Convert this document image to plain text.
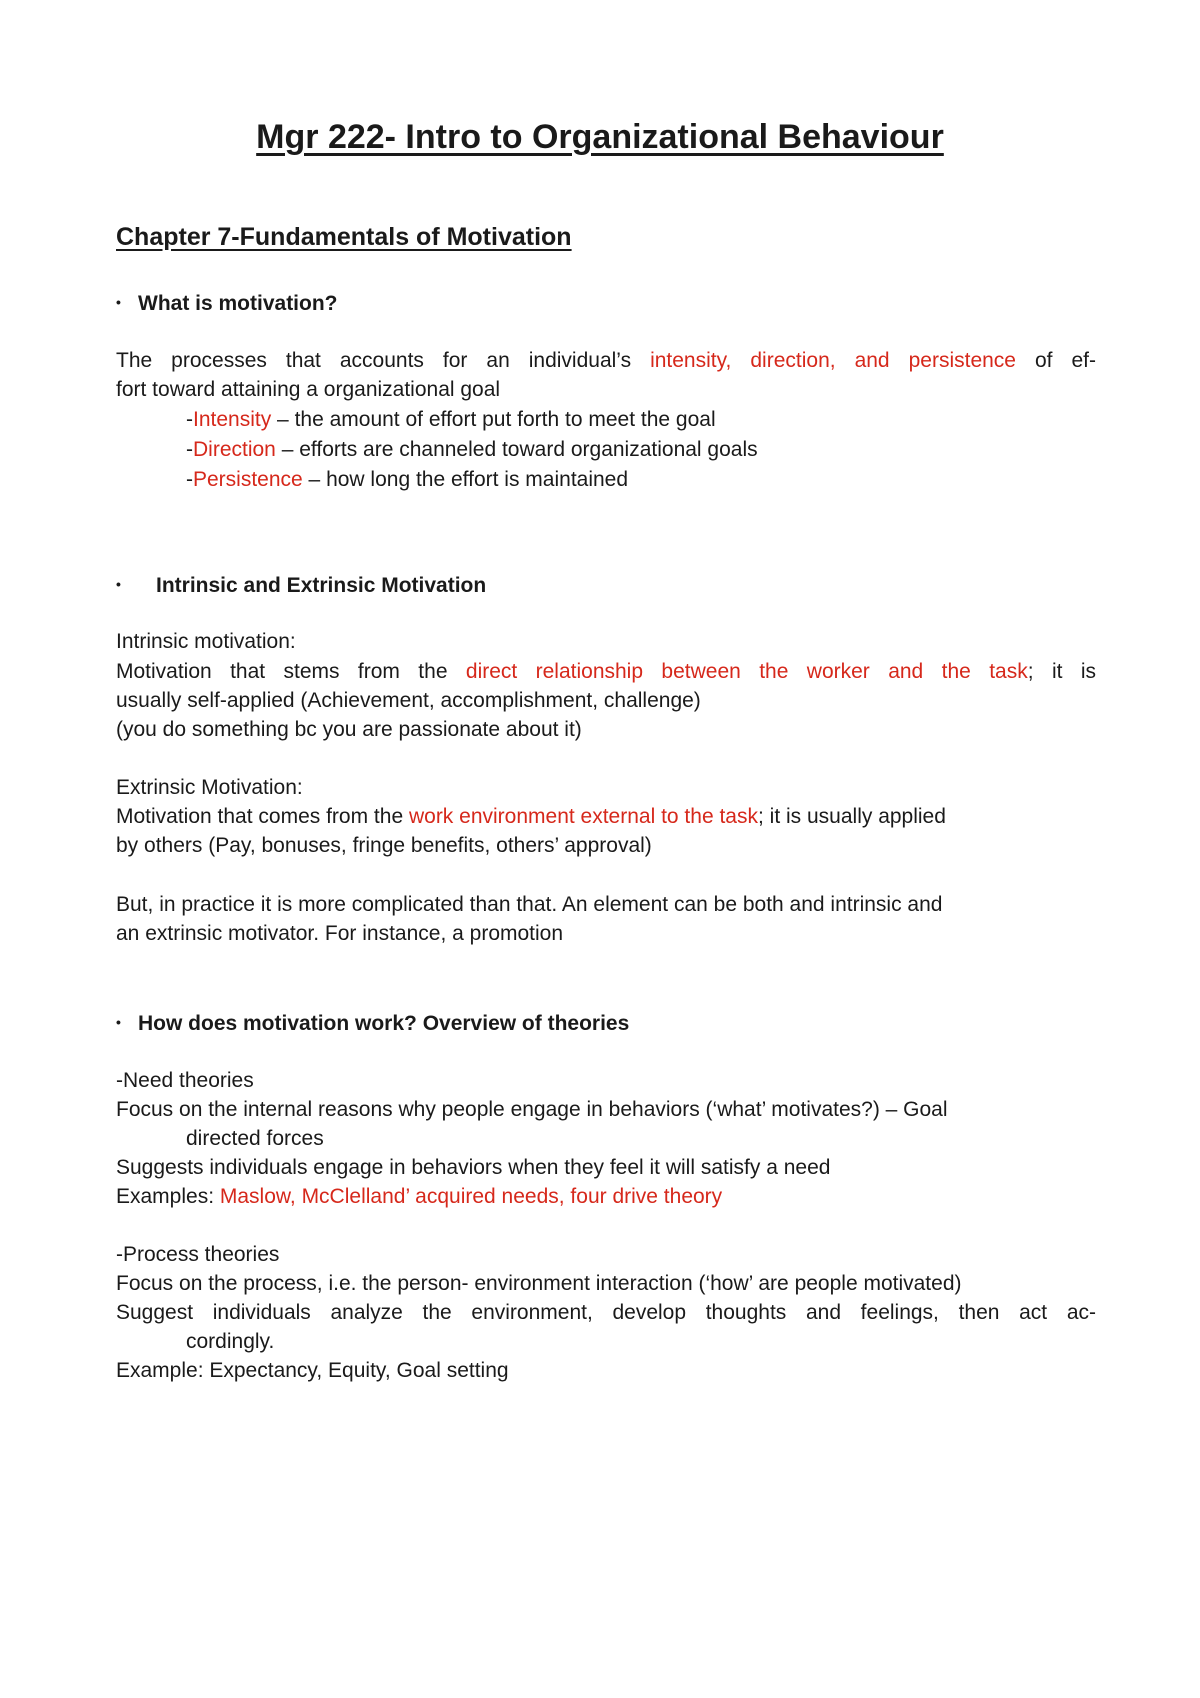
Mgr 222- Intro to Organizational Behaviour
Chapter 7-Fundamentals of Motivation
• What is motivation?
The processes that accounts for an individual’s intensity, direction, and persistence of ef-
fort toward attaining a organizational goal
-Intensity – the amount of effort put forth to meet the goal
-Direction – efforts are channeled toward organizational goals
-Persistence – how long the effort is maintained
• Intrinsic and Extrinsic Motivation
Intrinsic motivation:
Motivation that stems from the direct relationship between the worker and the task; it is
usually self-applied (Achievement, accomplishment, challenge)
(you do something bc you are passionate about it)
Extrinsic Motivation:
Motivation that comes from the work environment external to the task; it is usually applied
by others (Pay, bonuses, fringe benefits, others’ approval)
But, in practice it is more complicated than that. An element can be both and intrinsic and
an extrinsic motivator. For instance, a promotion
• How does motivation work? Overview of theories
-Need theories
Focus on the internal reasons why people engage in behaviors (‘what’ motivates?) – Goal
directed forces
Suggests individuals engage in behaviors when they feel it will satisfy a need
Examples: Maslow, McClelland’ acquired needs, four drive theory
-Process theories
Focus on the process, i.e. the person- environment interaction (‘how’ are people motivated)
Suggest individuals analyze the environment, develop thoughts and feelings, then act ac-
cordingly.
Example: Expectancy, Equity, Goal setting
